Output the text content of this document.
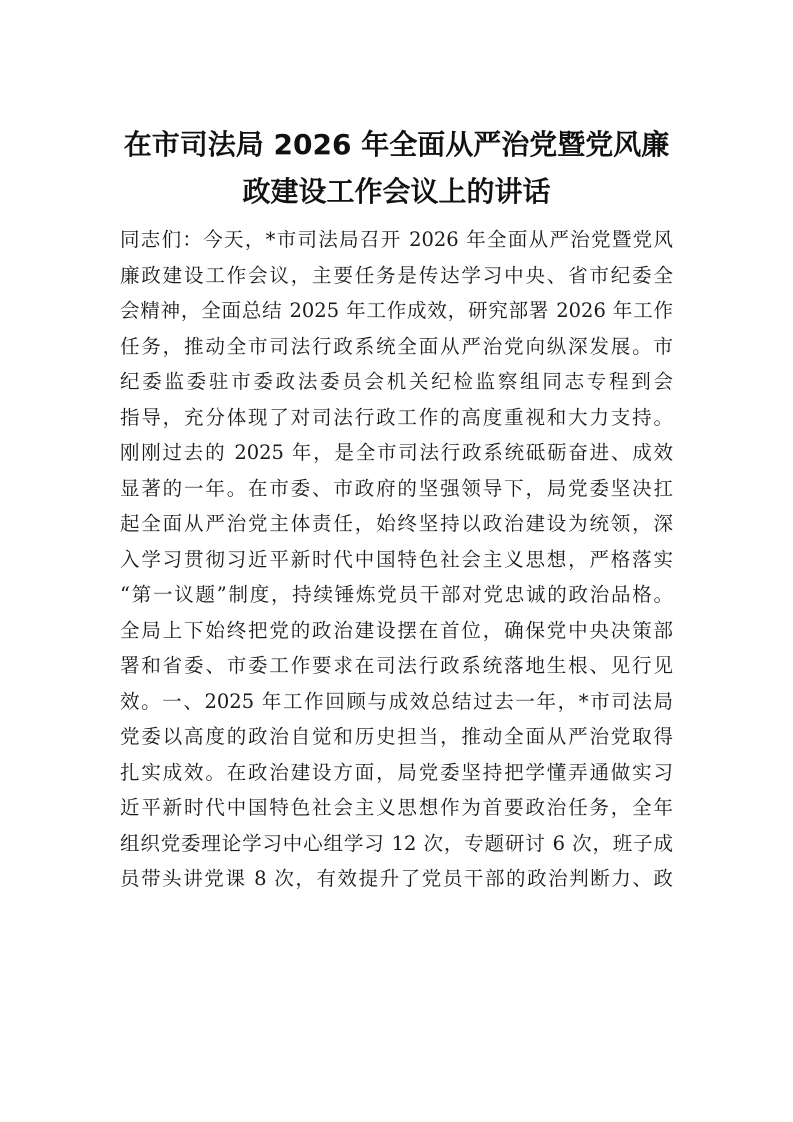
在市司法局 2026 年全面从严治党暨党风廉
政建设工作会议上的讲话
同志们：今天，*市司法局召开 2026 年全面从严治党暨党风
廉政建设工作会议，主要任务是传达学习中央、省市纪委全
会精神，全面总结 2025 年工作成效，研究部署 2026 年工作
任务，推动全市司法行政系统全面从严治党向纵深发展。市
纪委监委驻市委政法委员会机关纪检监察组同志专程到会
指导，充分体现了对司法行政工作的高度重视和大力支持。
刚刚过去的 2025 年，是全市司法行政系统砥砺奋进、成效
显著的一年。在市委、市政府的坚强领导下，局党委坚决扛
起全面从严治党主体责任，始终坚持以政治建设为统领，深
入学习贯彻习近平新时代中国特色社会主义思想，严格落实
“第一议题”制度，持续锤炼党员干部对党忠诚的政治品格。
全局上下始终把党的政治建设摆在首位，确保党中央决策部
署和省委、市委工作要求在司法行政系统落地生根、见行见
效。一、2025 年工作回顾与成效总结过去一年，*市司法局
党委以高度的政治自觉和历史担当，推动全面从严治党取得
扎实成效。在政治建设方面，局党委坚持把学懂弄通做实习
近平新时代中国特色社会主义思想作为首要政治任务，全年
组织党委理论学习中心组学习 12 次，专题研讨 6 次，班子成
员带头讲党课 8 次，有效提升了党员干部的政治判断力、政
